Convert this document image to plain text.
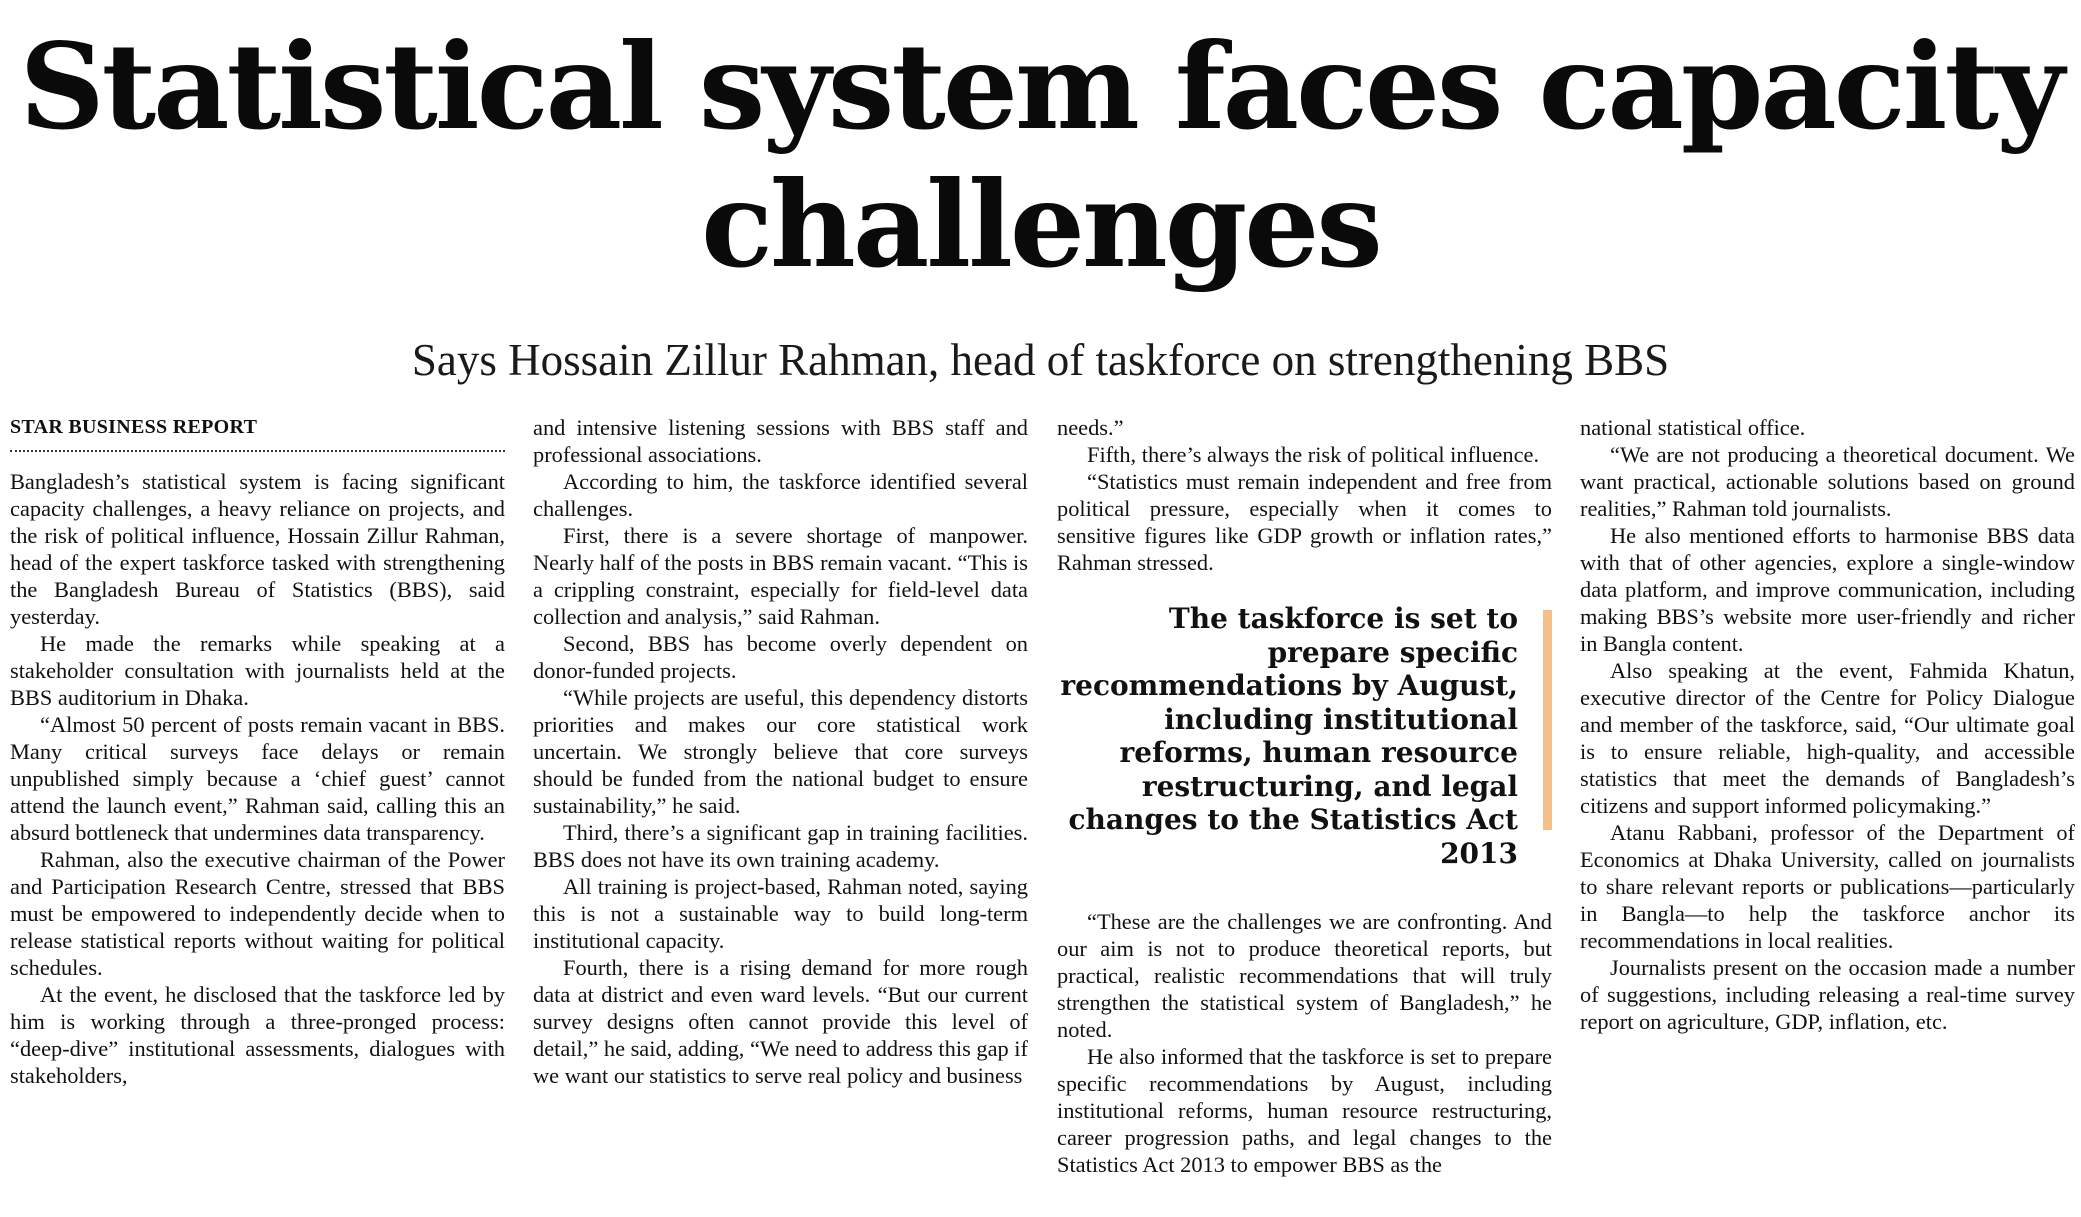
Statistical system faces capacity challenges
Says Hossain Zillur Rahman, head of taskforce on strengthening BBS
STAR BUSINESS REPORT

Bangladesh’s statistical system is facing significant capacity challenges, a heavy reliance on projects, and the risk of political influence, Hossain Zillur Rahman, head of the expert taskforce tasked with strengthening the Bangladesh Bureau of Statistics (BBS), said yesterday.

He made the remarks while speaking at a stakeholder consultation with journalists held at the BBS auditorium in Dhaka.

“Almost 50 percent of posts remain vacant in BBS. Many critical surveys face delays or remain unpublished simply because a ‘chief guest’ cannot attend the launch event,” Rahman said, calling this an absurd bottleneck that undermines data transparency.

Rahman, also the executive chairman of the Power and Participation Research Centre, stressed that BBS must be empowered to independently decide when to release statistical reports without waiting for political schedules.

At the event, he disclosed that the taskforce led by him is working through a three-pronged process: “deep-dive” institutional assessments, dialogues with stakeholders,

and intensive listening sessions with BBS staff and professional associations.

According to him, the taskforce identified several challenges.

First, there is a severe shortage of manpower. Nearly half of the posts in BBS remain vacant. “This is a crippling constraint, especially for field-level data collection and analysis,” said Rahman.

Second, BBS has become overly dependent on donor-funded projects.

“While projects are useful, this dependency distorts priorities and makes our core statistical work uncertain. We strongly believe that core surveys should be funded from the national budget to ensure sustainability,” he said.

Third, there’s a significant gap in training facilities. BBS does not have its own training academy.

All training is project-based, Rahman noted, saying this is not a sustainable way to build long-term institutional capacity.

Fourth, there is a rising demand for more rough data at district and even ward levels. “But our current survey designs often cannot provide this level of detail,” he said, adding, “We need to address this gap if we want our statistics to serve real policy and business

needs.”

Fifth, there’s always the risk of political influence.

“Statistics must remain independent and free from political pressure, especially when it comes to sensitive figures like GDP growth or inflation rates,” Rahman stressed.

The taskforce is set to prepare specific recommendations by August, including institutional reforms, human resource restructuring, and legal changes to the Statistics Act 2013

“These are the challenges we are confronting. And our aim is not to produce theoretical reports, but practical, realistic recommendations that will truly strengthen the statistical system of Bangladesh,” he noted.

He also informed that the taskforce is set to prepare specific recommendations by August, including institutional reforms, human resource restructuring, career progression paths, and legal changes to the Statistics Act 2013 to empower BBS as the

national statistical office.

“We are not producing a theoretical document. We want practical, actionable solutions based on ground realities,” Rahman told journalists.

He also mentioned efforts to harmonise BBS data with that of other agencies, explore a single-window data platform, and improve communication, including making BBS’s website more user-friendly and richer in Bangla content.

Also speaking at the event, Fahmida Khatun, executive director of the Centre for Policy Dialogue and member of the taskforce, said, “Our ultimate goal is to ensure reliable, high-quality, and accessible statistics that meet the demands of Bangladesh’s citizens and support informed policymaking.”

Atanu Rabbani, professor of the Department of Economics at Dhaka University, called on journalists to share relevant reports or publications—particularly in Bangla—to help the taskforce anchor its recommendations in local realities.

Journalists present on the occasion made a number of suggestions, including releasing a real-time survey report on agriculture, GDP, inflation, etc.
